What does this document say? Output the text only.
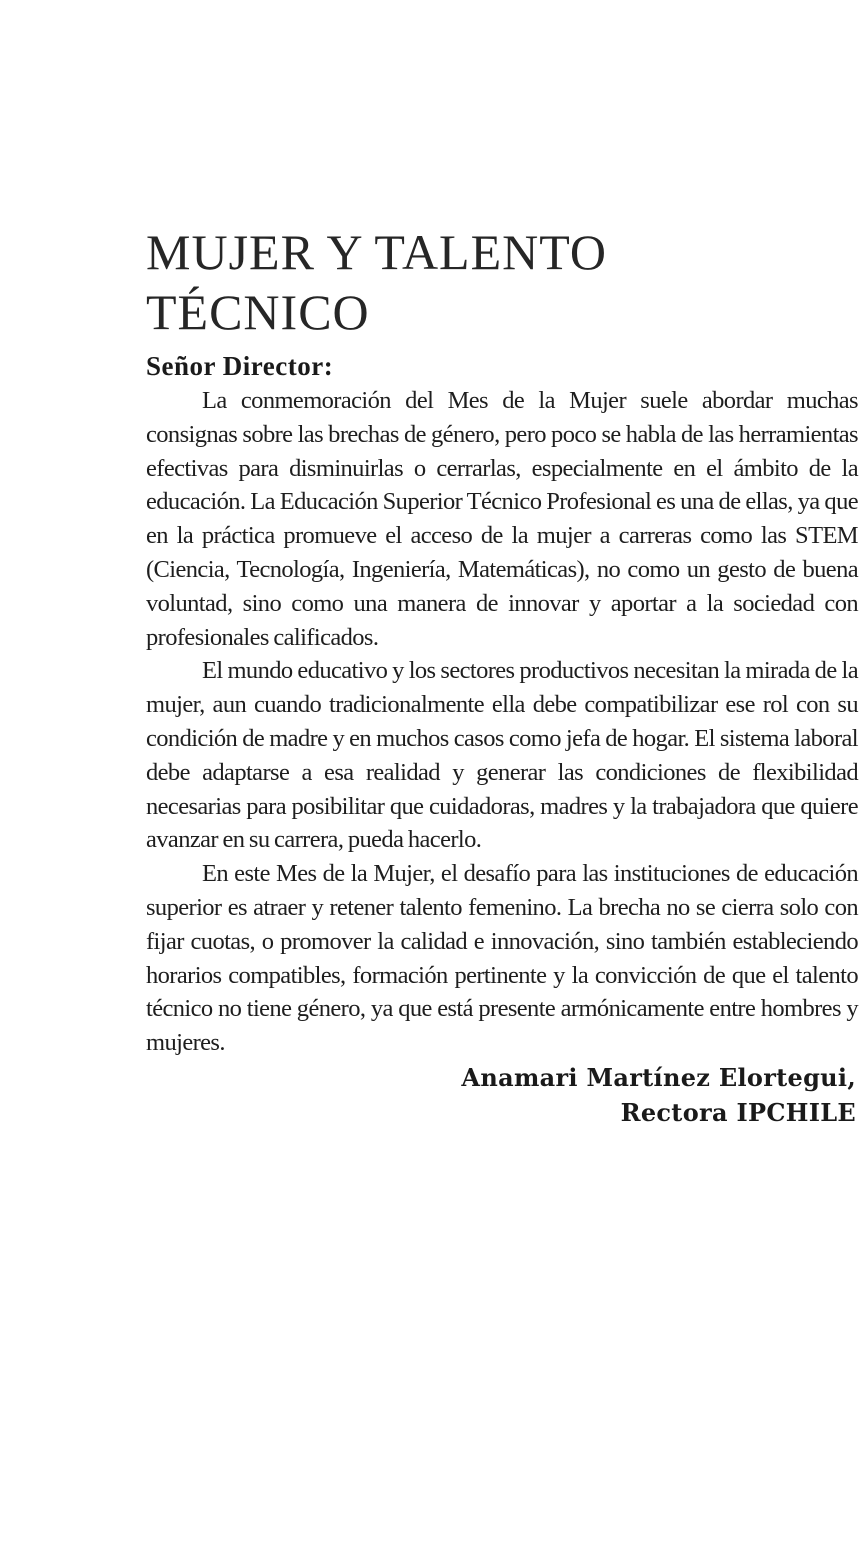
MUJER Y TALENTO
TÉCNICO
Señor Director:

La conmemoración del Mes de la Mujer suele abordar muchas consignas sobre las brechas de género, pero poco se habla de las herramientas efectivas para disminuirlas o cerrarlas, especialmente en el ámbito de la educación. La Educación Superior Técnico Profesional es una de ellas, ya que en la práctica promueve el acceso de la mujer a carreras como las STEM (Ciencia, Tecnología, Ingeniería, Matemáticas), no como un gesto de buena voluntad, sino como una manera de innovar y aportar a la sociedad con profesionales calificados.

El mundo educativo y los sectores productivos necesitan la mirada de la mujer, aun cuando tradicionalmente ella debe compatibilizar ese rol con su condición de madre y en muchos casos como jefa de hogar. El sistema laboral debe adaptarse a esa realidad y generar las condiciones de flexibilidad necesarias para posibilitar que cuidadoras, madres y la trabajadora que quiere avanzar en su carrera, pueda hacerlo.

En este Mes de la Mujer, el desafío para las instituciones de educación superior es atraer y retener talento femenino. La brecha no se cierra solo con fijar cuotas, o promover la calidad e innovación, sino también estableciendo horarios compatibles, formación pertinente y la convicción de que el talento técnico no tiene género, ya que está presente armónicamente entre hombres y mujeres.

Anamari Martínez Elortegui,
Rectora IPCHILE
